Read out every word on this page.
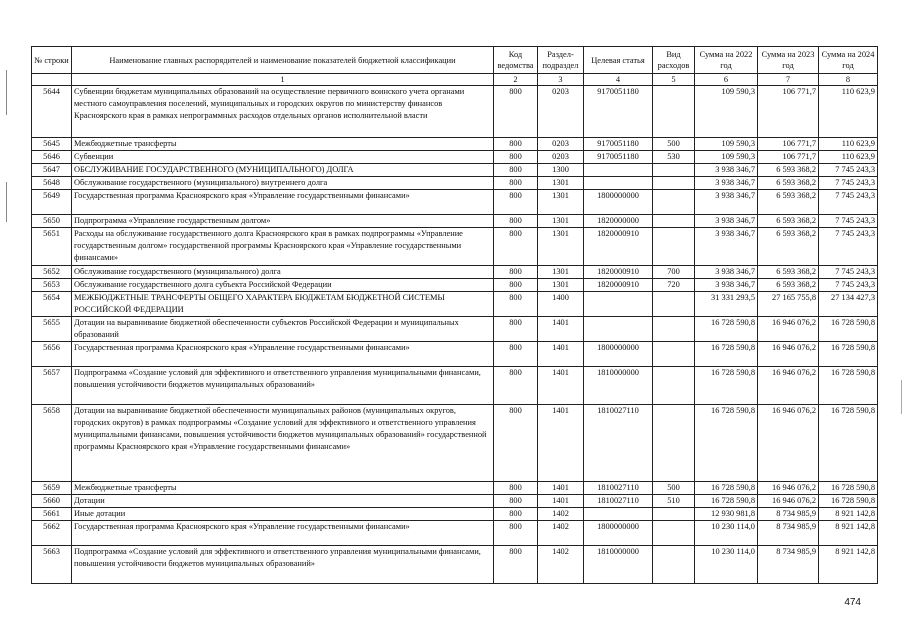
№ строки	Наименование главных распорядителей и наименование показателей бюджетной классификации	Код ведомства	Раздел-подраздел	Целевая статья	Вид расходов	Сумма на 2022 год	Сумма на 2023 год	Сумма на 2024 год
	1	2	3	4	5	6	7	8
5644	Субвенции бюджетам муниципальных образований на осуществление первичного воинского учета органами местного самоуправления поселений, муниципальных и городских округов по министерству финансов Красноярского края в рамках непрограммных расходов отдельных органов исполнительной власти	800	0203	9170051180		109 590,3	106 771,7	110 623,9
5645	Межбюджетные трансферты	800	0203	9170051180	500	109 590,3	106 771,7	110 623,9
5646	Субвенции	800	0203	9170051180	530	109 590,3	106 771,7	110 623,9
5647	ОБСЛУЖИВАНИЕ ГОСУДАРСТВЕННОГО (МУНИЦИПАЛЬНОГО) ДОЛГА	800	1300			3 938 346,7	6 593 368,2	7 745 243,3
5648	Обслуживание государственного (муниципального) внутреннего долга	800	1301			3 938 346,7	6 593 368,2	7 745 243,3
5649	Государственная программа Красноярского края «Управление государственными финансами»	800	1301	1800000000		3 938 346,7	6 593 368,2	7 745 243,3
5650	Подпрограмма «Управление государственным долгом»	800	1301	1820000000		3 938 346,7	6 593 368,2	7 745 243,3
5651	Расходы на обслуживание государственного долга Красноярского края в рамках подпрограммы «Управление государственным долгом» государственной программы Красноярского края «Управление государственными финансами»	800	1301	1820000910		3 938 346,7	6 593 368,2	7 745 243,3
5652	Обслуживание государственного (муниципального) долга	800	1301	1820000910	700	3 938 346,7	6 593 368,2	7 745 243,3
5653	Обслуживание государственного долга субъекта Российской Федерации	800	1301	1820000910	720	3 938 346,7	6 593 368,2	7 745 243,3
5654	МЕЖБЮДЖЕТНЫЕ ТРАНСФЕРТЫ ОБЩЕГО ХАРАКТЕРА БЮДЖЕТАМ БЮДЖЕТНОЙ СИСТЕМЫ РОССИЙСКОЙ ФЕДЕРАЦИИ	800	1400			31 331 293,5	27 165 755,8	27 134 427,3
5655	Дотации на выравнивание бюджетной обеспеченности субъектов Российской Федерации и муниципальных образований	800	1401			16 728 590,8	16 946 076,2	16 728 590,8
5656	Государственная программа Красноярского края «Управление государственными финансами»	800	1401	1800000000		16 728 590,8	16 946 076,2	16 728 590,8
5657	Подпрограмма «Создание условий для эффективного и ответственного управления муниципальными финансами, повышения устойчивости бюджетов муниципальных образований»	800	1401	1810000000		16 728 590,8	16 946 076,2	16 728 590,8
5658	Дотации на выравнивание бюджетной обеспеченности муниципальных районов (муниципальных округов, городских округов) в рамках подпрограммы «Создание условий для эффективного и ответственного управления муниципальными финансами, повышения устойчивости бюджетов муниципальных образований» государственной программы Красноярского края «Управление государственными финансами»	800	1401	1810027110		16 728 590,8	16 946 076,2	16 728 590,8
5659	Межбюджетные трансферты	800	1401	1810027110	500	16 728 590,8	16 946 076,2	16 728 590,8
5660	Дотации	800	1401	1810027110	510	16 728 590,8	16 946 076,2	16 728 590,8
5661	Иные дотации	800	1402			12 930 981,8	8 734 985,9	8 921 142,8
5662	Государственная программа Красноярского края «Управление государственными финансами»	800	1402	1800000000		10 230 114,0	8 734 985,9	8 921 142,8
5663	Подпрограмма «Создание условий для эффективного и ответственного управления муниципальными финансами, повышения устойчивости бюджетов муниципальных образований»	800	1402	1810000000		10 230 114,0	8 734 985,9	8 921 142,8
474
